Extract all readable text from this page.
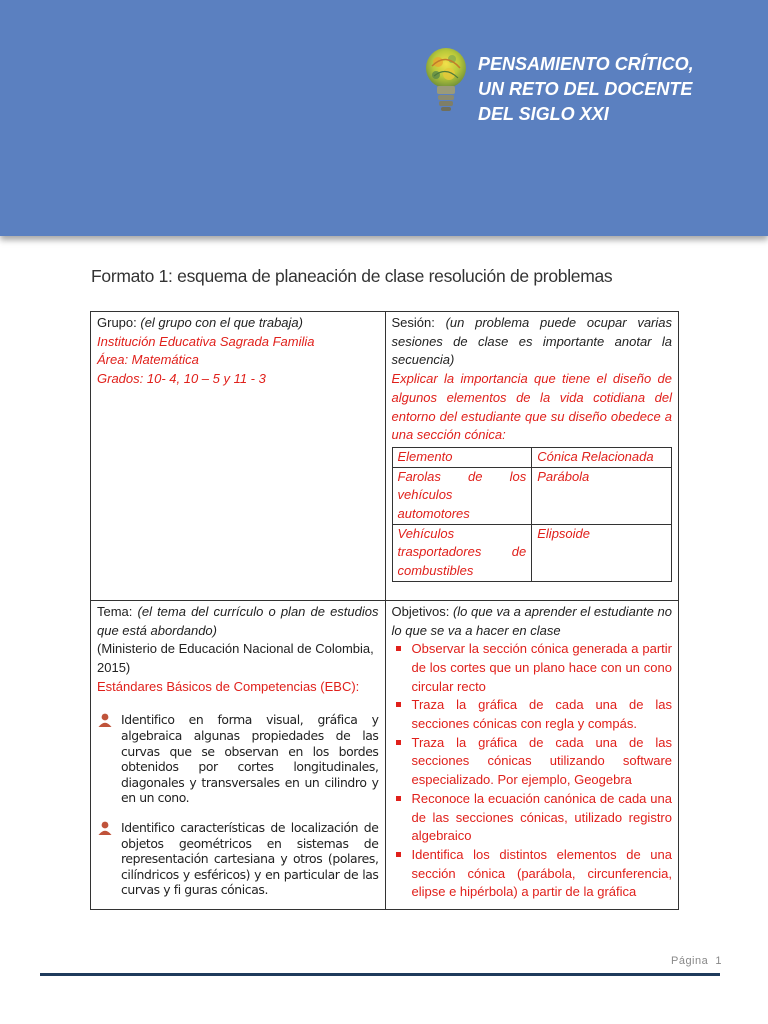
PENSAMIENTO CRÍTICO,
UN RETO DEL DOCENTE
DEL SIGLO XXI
Formato 1: esquema de planeación de clase resolución de problemas
Grupo: (el grupo con el que trabaja)
Institución Educativa Sagrada Familia
Área: Matemática
Grados: 10- 4, 10 – 5 y 11 - 3

Sesión: (un problema puede ocupar varias sesiones de clase es importante anotar la secuencia)
Explicar la importancia que tiene el diseño de algunos elementos de la vida cotidiana del entorno del estudiante que su diseño obedece a una sección cónica:
Elemento	Cónica Relacionada
Farolas de los vehículos automotores	Parábola
Vehículos trasportadores de combustibles	Elipsoide

Tema: (el tema del currículo o plan de estudios que está abordando)
(Ministerio de Educación Nacional de Colombia, 2015)
Estándares Básicos de Competencias (EBC):
Identifico en forma visual, gráfica y algebraica algunas propiedades de las curvas que se observan en los bordes obtenidos por cortes longitudinales, diagonales y transversales en un cilindro y en un cono.
Identifico características de localización de objetos geométricos en sistemas de representación cartesiana y otros (polares, cilíndricos y esféricos) y en particular de las curvas y fi guras cónicas.

Objetivos: (lo que va a aprender el estudiante no lo que se va a hacer en clase
Observar la sección cónica generada a partir de los cortes que un plano hace con un cono circular recto
Traza la gráfica de cada una de las secciones cónicas con regla y compás.
Traza la gráfica de cada una de las secciones cónicas utilizando software especializado. Por ejemplo, Geogebra
Reconoce la ecuación canónica de cada una de las secciones cónicas, utilizado registro algebraico
Identifica los distintos elementos de una sección cónica (parábola, circunferencia, elipse e hipérbola) a partir de la gráfica
Página 1
